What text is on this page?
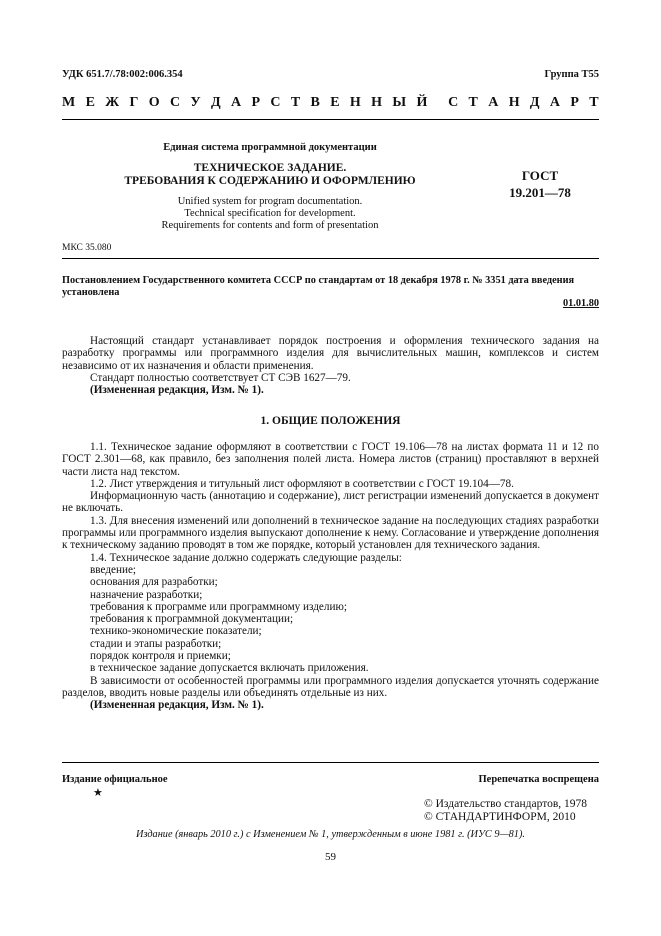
УДК 651.7/.78:002:006.354	Группа Т55
М Е Ж Г О С У Д А Р С Т В Е Н Н Ы Й С Т А Н Д А Р Т
Единая система программной документации
ТЕХНИЧЕСКОЕ ЗАДАНИЕ.
ТРЕБОВАНИЯ К СОДЕРЖАНИЮ И ОФОРМЛЕНИЮ
Unified system for program documentation.
Technical specification for development.
Requirements for contents and form of presentation
ГОСТ
19.201—78
МКС 35.080
Постановлением Государственного комитета СССР по стандартам от 18 декабря 1978 г. № 3351 дата введения установлена
01.01.80

Настоящий стандарт устанавливает порядок построения и оформления технического задания на разработку программы или программного изделия для вычислительных машин, комплексов и систем независимо от их назначения и области применения.

Стандарт полностью соответствует СТ СЭВ 1627—79.

(Измененная редакция, Изм. № 1).

1. ОБЩИЕ ПОЛОЖЕНИЯ

1.1. Техническое задание оформляют в соответствии с ГОСТ 19.106—78 на листах формата 11 и 12 по ГОСТ 2.301—68, как правило, без заполнения полей листа. Номера листов (страниц) проставляют в верхней части листа над текстом.

1.2. Лист утверждения и титульный лист оформляют в соответствии с ГОСТ 19.104—78.

Информационную часть (аннотацию и содержание), лист регистрации изменений допускается в документ не включать.

1.3. Для внесения изменений или дополнений в техническое задание на последующих стадиях разработки программы или программного изделия выпускают дополнение к нему. Согласование и утверждение дополнения к техническому заданию проводят в том же порядке, который установлен для технического задания.

1.4. Техническое задание должно содержать следующие разделы:

введение;

основания для разработки;

назначение разработки;

требования к программе или программному изделию;

требования к программной документации;

технико-экономические показатели;

стадии и этапы разработки;

порядок контроля и приемки;

в техническое задание допускается включать приложения.

В зависимости от особенностей программы или программного изделия допускается уточнять содержание разделов, вводить новые разделы или объединять отдельные из них.

(Измененная редакция, Изм. № 1).

Издание официальное
★
Перепечатка воспрещена
© Издательство стандартов, 1978
© СТАНДАРТИНФОРМ, 2010
Издание (январь 2010 г.) с Изменением № 1, утвержденным в июне 1981 г. (ИУС 9—81).
59
